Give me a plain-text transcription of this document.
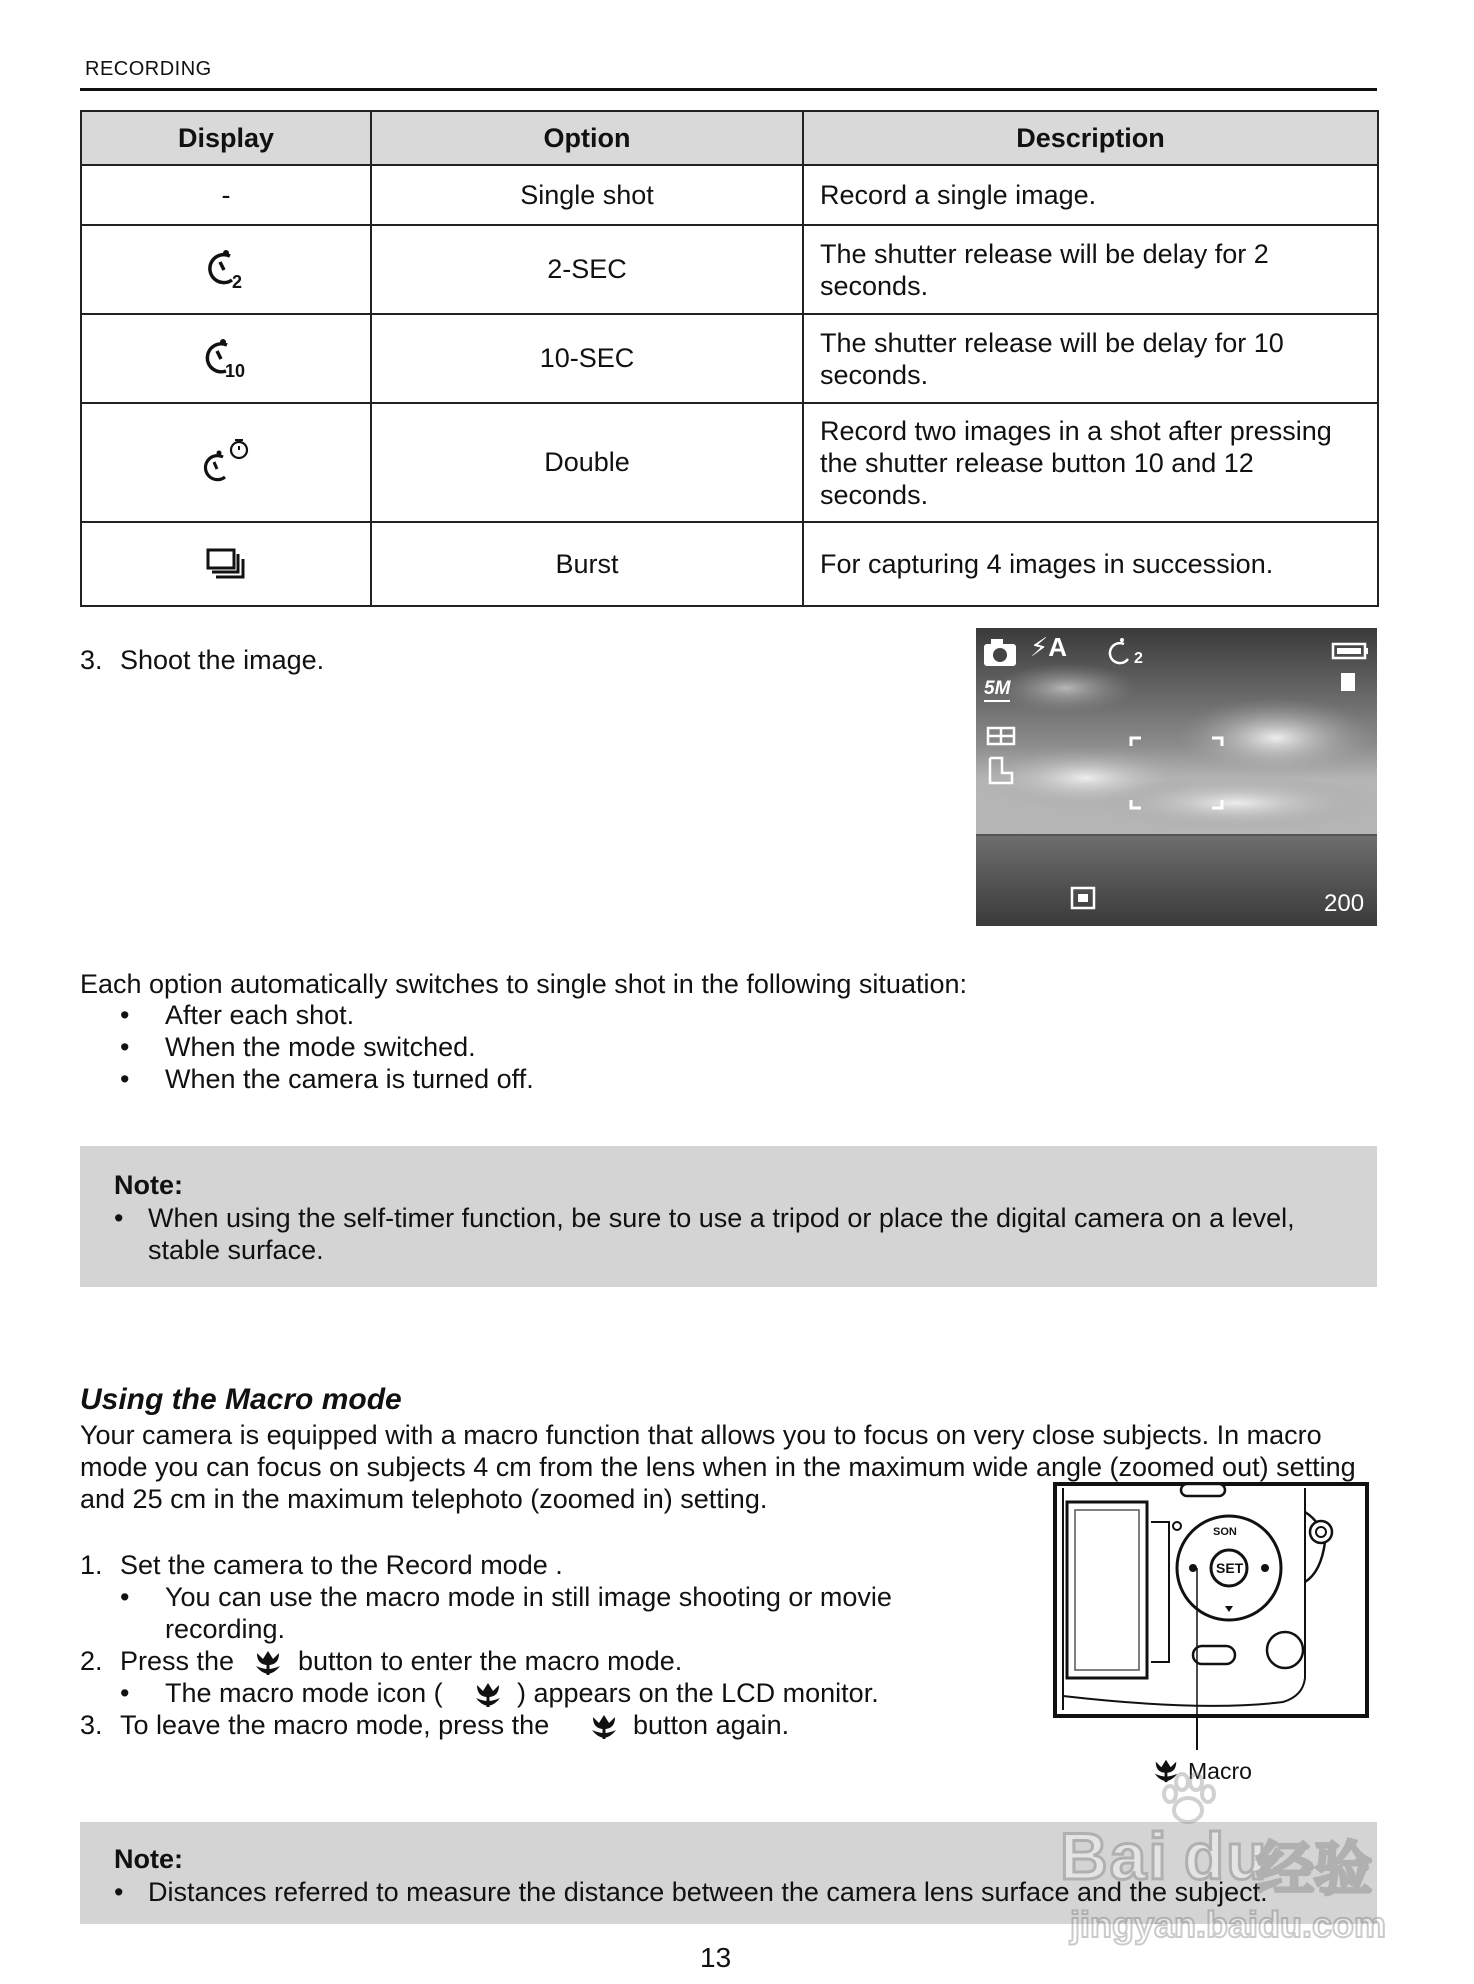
RECORDING
Display	Option	Description
-	Single shot	Record a single image.

2	2-SEC	The shutter release will be delay for 2 seconds.

10	10-SEC	The shutter release will be delay for 10 seconds.
	Double	Record two images in a shot after pressing the shutter release button 10 and 12 seconds.
	Burst	For capturing 4 images in succession.
3. Shoot the image.	⚡A	2
5M
200
Each option automatically switches to single shot in the following situation:
• After each shot.
• When the mode switched.
• When the camera is turned off.
Note:
• When using the self-timer function, be sure to use a tripod or place the digital camera on a level, stable surface.
Using the Macro mode
Your camera is equipped with a macro function that allows you to focus on very close subjects. In macro mode you can focus on subjects 4 cm from the lens when in the maximum wide angle (zoomed out) setting and 25 cm in the maximum telephoto (zoomed in) setting.
1. Set the camera to the Record mode .
• You can use the macro mode in still image shooting or movie recording.
2. Press the button to enter the macro mode.
• The macro mode icon (	) appears on the LCD monitor.
3. To leave the macro mode, press the	button again.
SON
SET
Macro
Note:
• Distances referred to measure the distance between the camera lens surface and the subject.
Bai du
经验
jingyan.baidu.com
13
